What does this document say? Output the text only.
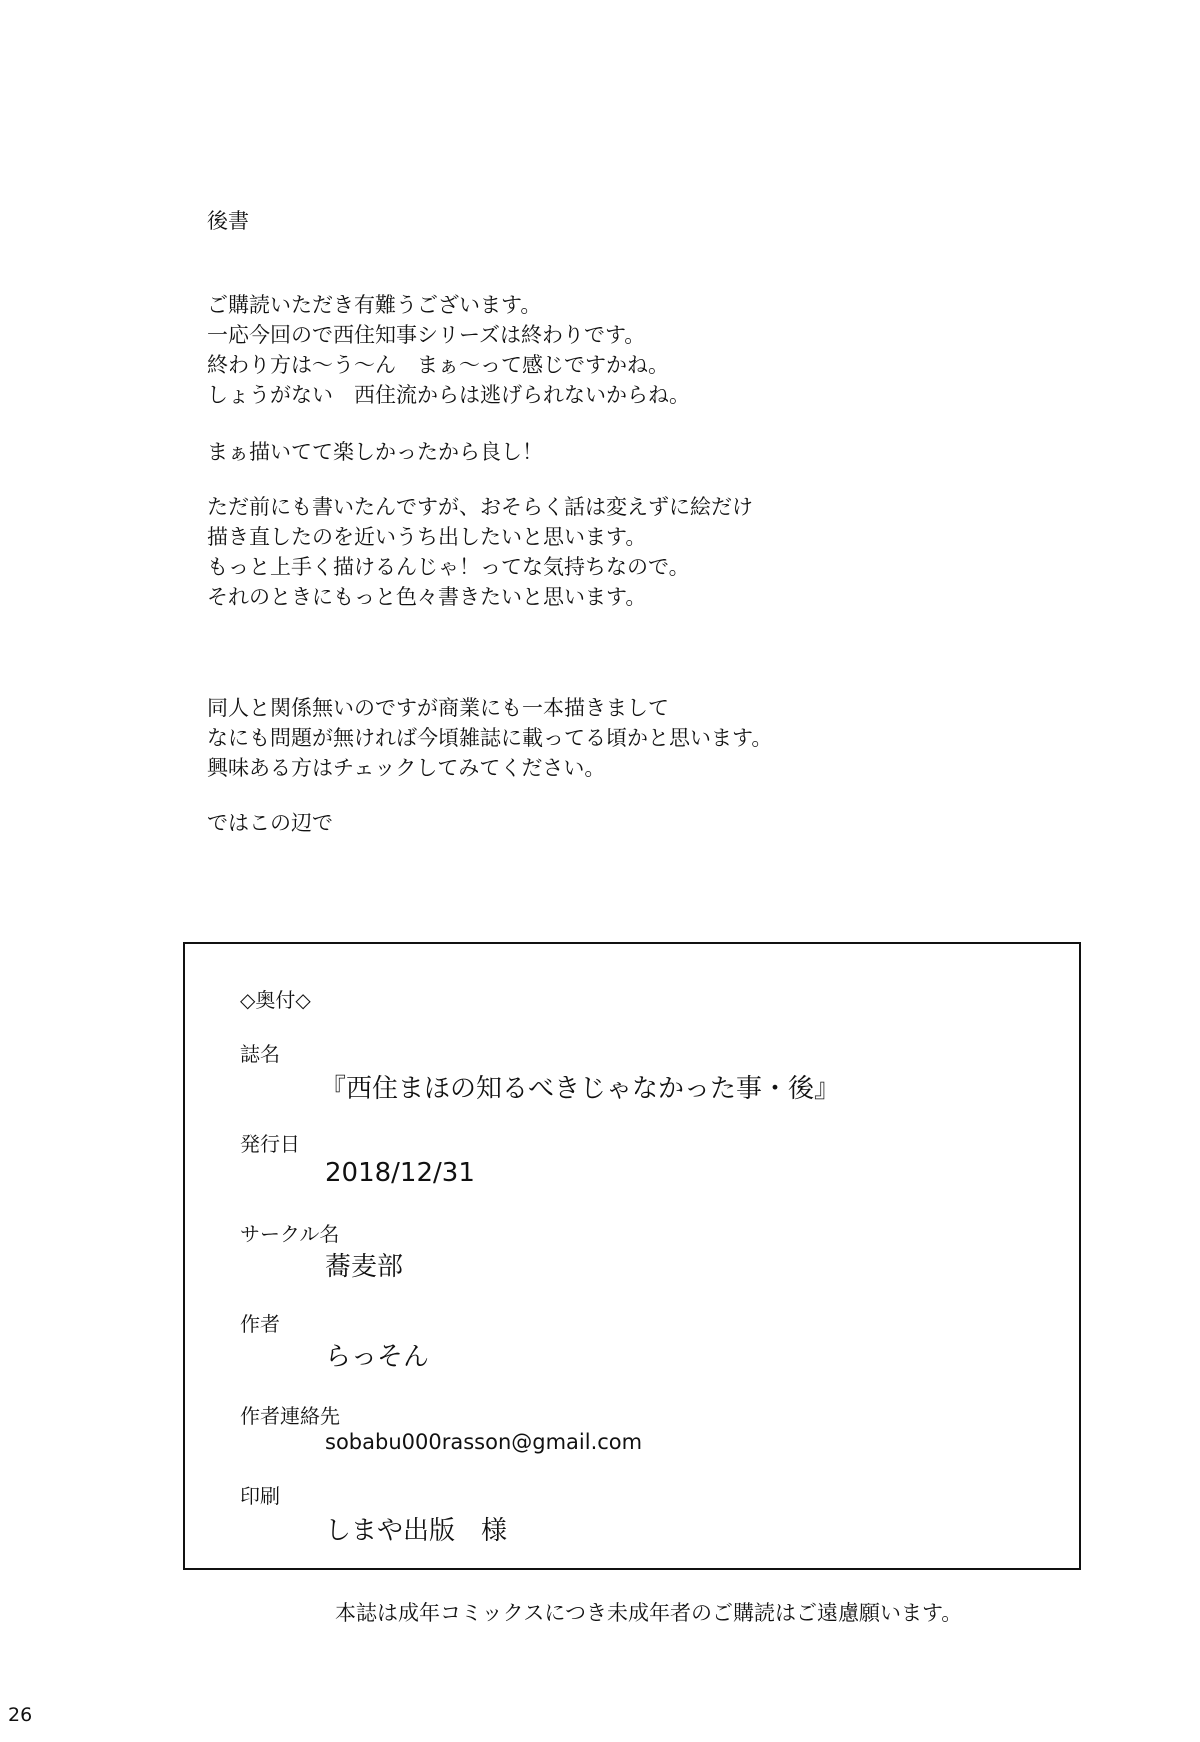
後書

ご購読いただき有難うございます。
一応今回ので西住知事シリーズは終わりです。
終わり方は〜う〜ん　まぁ〜って感じですかね。
しょうがない　西住流からは逃げられないからね。

まぁ描いてて楽しかったから良し！

ただ前にも書いたんですが、おそらく話は変えずに絵だけ
描き直したのを近いうち出したいと思います。
もっと上手く描けるんじゃ！ってな気持ちなので。
それのときにもっと色々書きたいと思います。

同人と関係無いのですが商業にも一本描きまして
なにも問題が無ければ今頃雑誌に載ってる頃かと思います。
興味ある方はチェックしてみてください。

ではこの辺で

◇奥付◇

誌名

『西住まほの知るべきじゃなかった事・後』

発行日

2018/12/31

サークル名

蕎麦部

作者

らっそん

作者連絡先

sobabu000rasson@gmail.com

印刷

しまや出版　様

本誌は成年コミックスにつき未成年者のご購読はご遠慮願います。

26
